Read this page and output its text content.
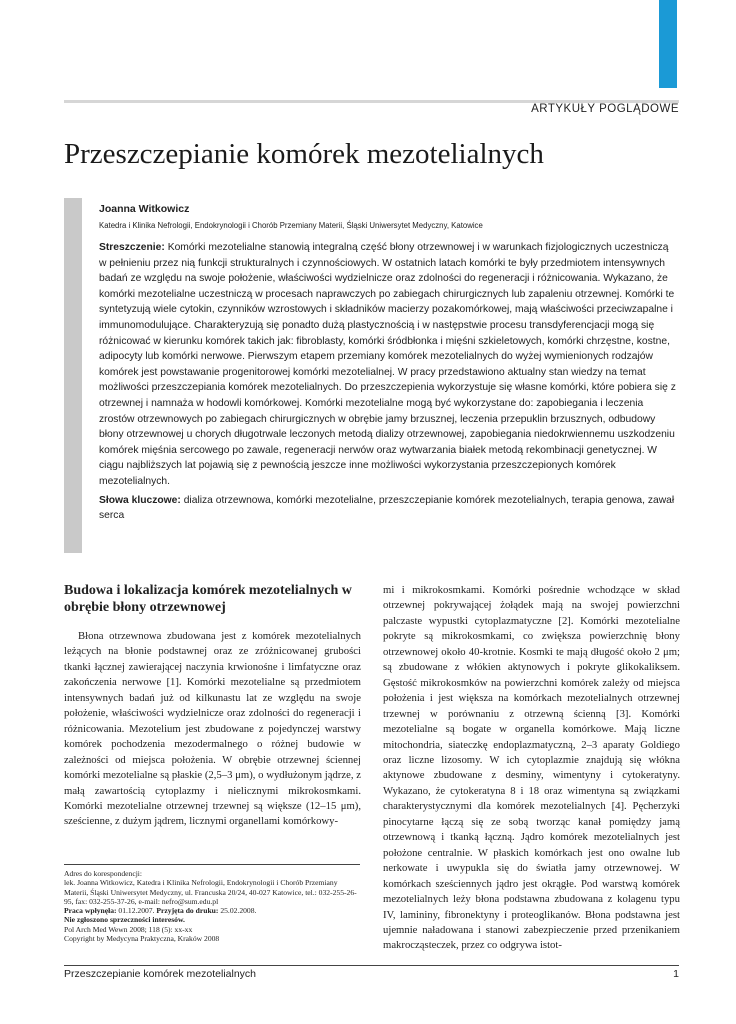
ARTYKUŁY POGLĄDOWE
Przeszczepianie komórek mezotelialnych

Joanna Witkowicz

Katedra i Klinika Nefrologii, Endokrynologii i Chorób Przemiany Materii, Śląski Uniwersytet Medyczny, Katowice

Streszczenie: Komórki mezotelialne stanowią integralną część błony otrzewnowej i w warunkach fizjologicznych uczestniczą w pełnieniu przez nią funkcji strukturalnych i czynnościowych. W ostatnich latach komórki te były przedmiotem intensywnych badań ze względu na swoje położenie, właściwości wydzielnicze oraz zdolności do regeneracji i różnicowania. Wykazano, że komórki mezotelialne uczestniczą w procesach naprawczych po zabiegach chirurgicznych lub zapaleniu otrzewnej. Komórki te syntetyzują wiele cytokin, czynników wzrostowych i składników macierzy pozakomórkowej, mają właściwości przeciwzapalne i immunomodulujące. Charakteryzują się ponadto dużą plastycznością i w następstwie procesu transdyferencjacji mogą się różnicować w kierunku komórek takich jak: fibroblasty, komórki śródbłonka i mięśni szkieletowych, komórki chrzęstne, kostne, adipocyty lub komórki nerwowe. Pierwszym etapem przemiany komórek mezotelialnych do wyżej wymienionych rodzajów komórek jest powstawanie progenitorowej komórki mezotelialnej. W pracy przedstawiono aktualny stan wiedzy na temat możliwości przeszczepiania komórek mezotelialnych. Do przeszczepienia wykorzystuje się własne komórki, które pobiera się z otrzewnej i namnaża w hodowli komórkowej. Komórki mezotelialne mogą być wykorzystane do: zapobiegania i leczenia zrostów otrzewnowych po zabiegach chirurgicznych w obrębie jamy brzusznej, leczenia przepuklin brzusznych, odbudowy błony otrzewnowej u chorych długotrwale leczonych metodą dializy otrzewnowej, zapobiegania niedokrwiennemu uszkodzeniu komórek mięśnia sercowego po zawale, regeneracji nerwów oraz wytwarzania białek metodą rekombinacji genetycznej. W ciągu najbliższych lat pojawią się z pewnością jeszcze inne możliwości wykorzystania przeszczepionych komórek mezotelialnych.

Słowa kluczowe: dializa otrzewnowa, komórki mezotelialne, przeszczepianie komórek mezotelialnych, terapia genowa, zawał serca

Budowa i lokalizacja komórek mezotelialnych w obrębie błony otrzewnowej

Błona otrzewnowa zbudowana jest z komórek mezotelialnych leżących na błonie podstawnej oraz ze zróżnicowanej grubości tkanki łącznej zawierającej naczynia krwionośne i limfatyczne oraz zakończenia nerwowe [1]. Komórki mezotelialne są przedmiotem intensywnych badań już od kilkunastu lat ze względu na swoje położenie, właściwości wydzielnicze oraz zdolności do regeneracji i różnicowania. Mezotelium jest zbudowane z pojedynczej warstwy komórek pochodzenia mezodermalnego o różnej budowie w zależności od miejsca położenia. W obrębie otrzewnej ściennej komórki mezotelialne są płaskie (2,5–3 μm), o wydłużonym jądrze, z małą zawartością cytoplazmy i nielicznymi mikrokosmkami. Komórki mezotelialne otrzewnej trzewnej są większe (12–15 μm), sześcienne, z dużym jądrem, licznymi organellami komórkowy-

mi i mikrokosmkami. Komórki pośrednie wchodzące w skład otrzewnej pokrywającej żołądek mają na swojej powierzchni palczaste wypustki cytoplazmatyczne [2]. Komórki mezotelialne pokryte są mikrokosmkami, co zwiększa powierzchnię błony otrzewnowej około 40-krotnie. Kosmki te mają długość około 2 μm; są zbudowane z włókien aktynowych i pokryte glikokaliksem. Gęstość mikrokosmków na powierzchni komórek zależy od miejsca położenia i jest większa na komórkach mezotelialnych otrzewnej trzewnej w porównaniu z otrzewną ścienną [3]. Komórki mezotelialne są bogate w organella komórkowe. Mają liczne mitochondria, siateczkę endoplazmatyczną, 2–3 aparaty Goldiego oraz liczne lizosomy. W ich cytoplazmie znajdują się włókna aktynowe zbudowane z desminy, wimentyny i cytokeratyny. Wykazano, że cytokeratyna 8 i 18 oraz wimentyna są związkami charakterystycznymi dla komórek mezotelialnych [4]. Pęcherzyki pinocytarne łączą się ze sobą tworząc kanał pomiędzy jamą otrzewnową i tkanką łączną. Jądro komórek mezotelialnych jest położone centralnie. W płaskich komórkach jest ono owalne lub nerkowate i uwypukla się do światła jamy otrzewnowej. W komórkach sześciennych jądro jest okrągłe. Pod warstwą komórek mezotelialnych leży błona podstawna zbudowana z kolagenu typu IV, lamininy, fibronektyny i proteoglikanów. Błona podstawna jest ujemnie naładowana i stanowi zabezpieczenie przed przenikaniem makrocząsteczek, przez co odgrywa istot-

Adres do korespondencji:

lek. Joanna Witkowicz, Katedra i Klinika Nefrologii, Endokrynologii i Chorób Przemiany Materii, Śląski Uniwersytet Medyczny, ul. Francuska 20/24, 40-027 Katowice, tel.: 032-255-26-95, fax: 032-255-37-26, e-mail: nefro@sum.edu.pl

Praca wpłynęła: 01.12.2007. Przyjęta do druku: 25.02.2008.

Nie zgłoszono sprzeczności interesów.

Pol Arch Med Wewn 2008; 118 (5): xx-xx

Copyright by Medycyna Praktyczna, Kraków 2008

Przeszczepianie komórek mezotelialnych	1
